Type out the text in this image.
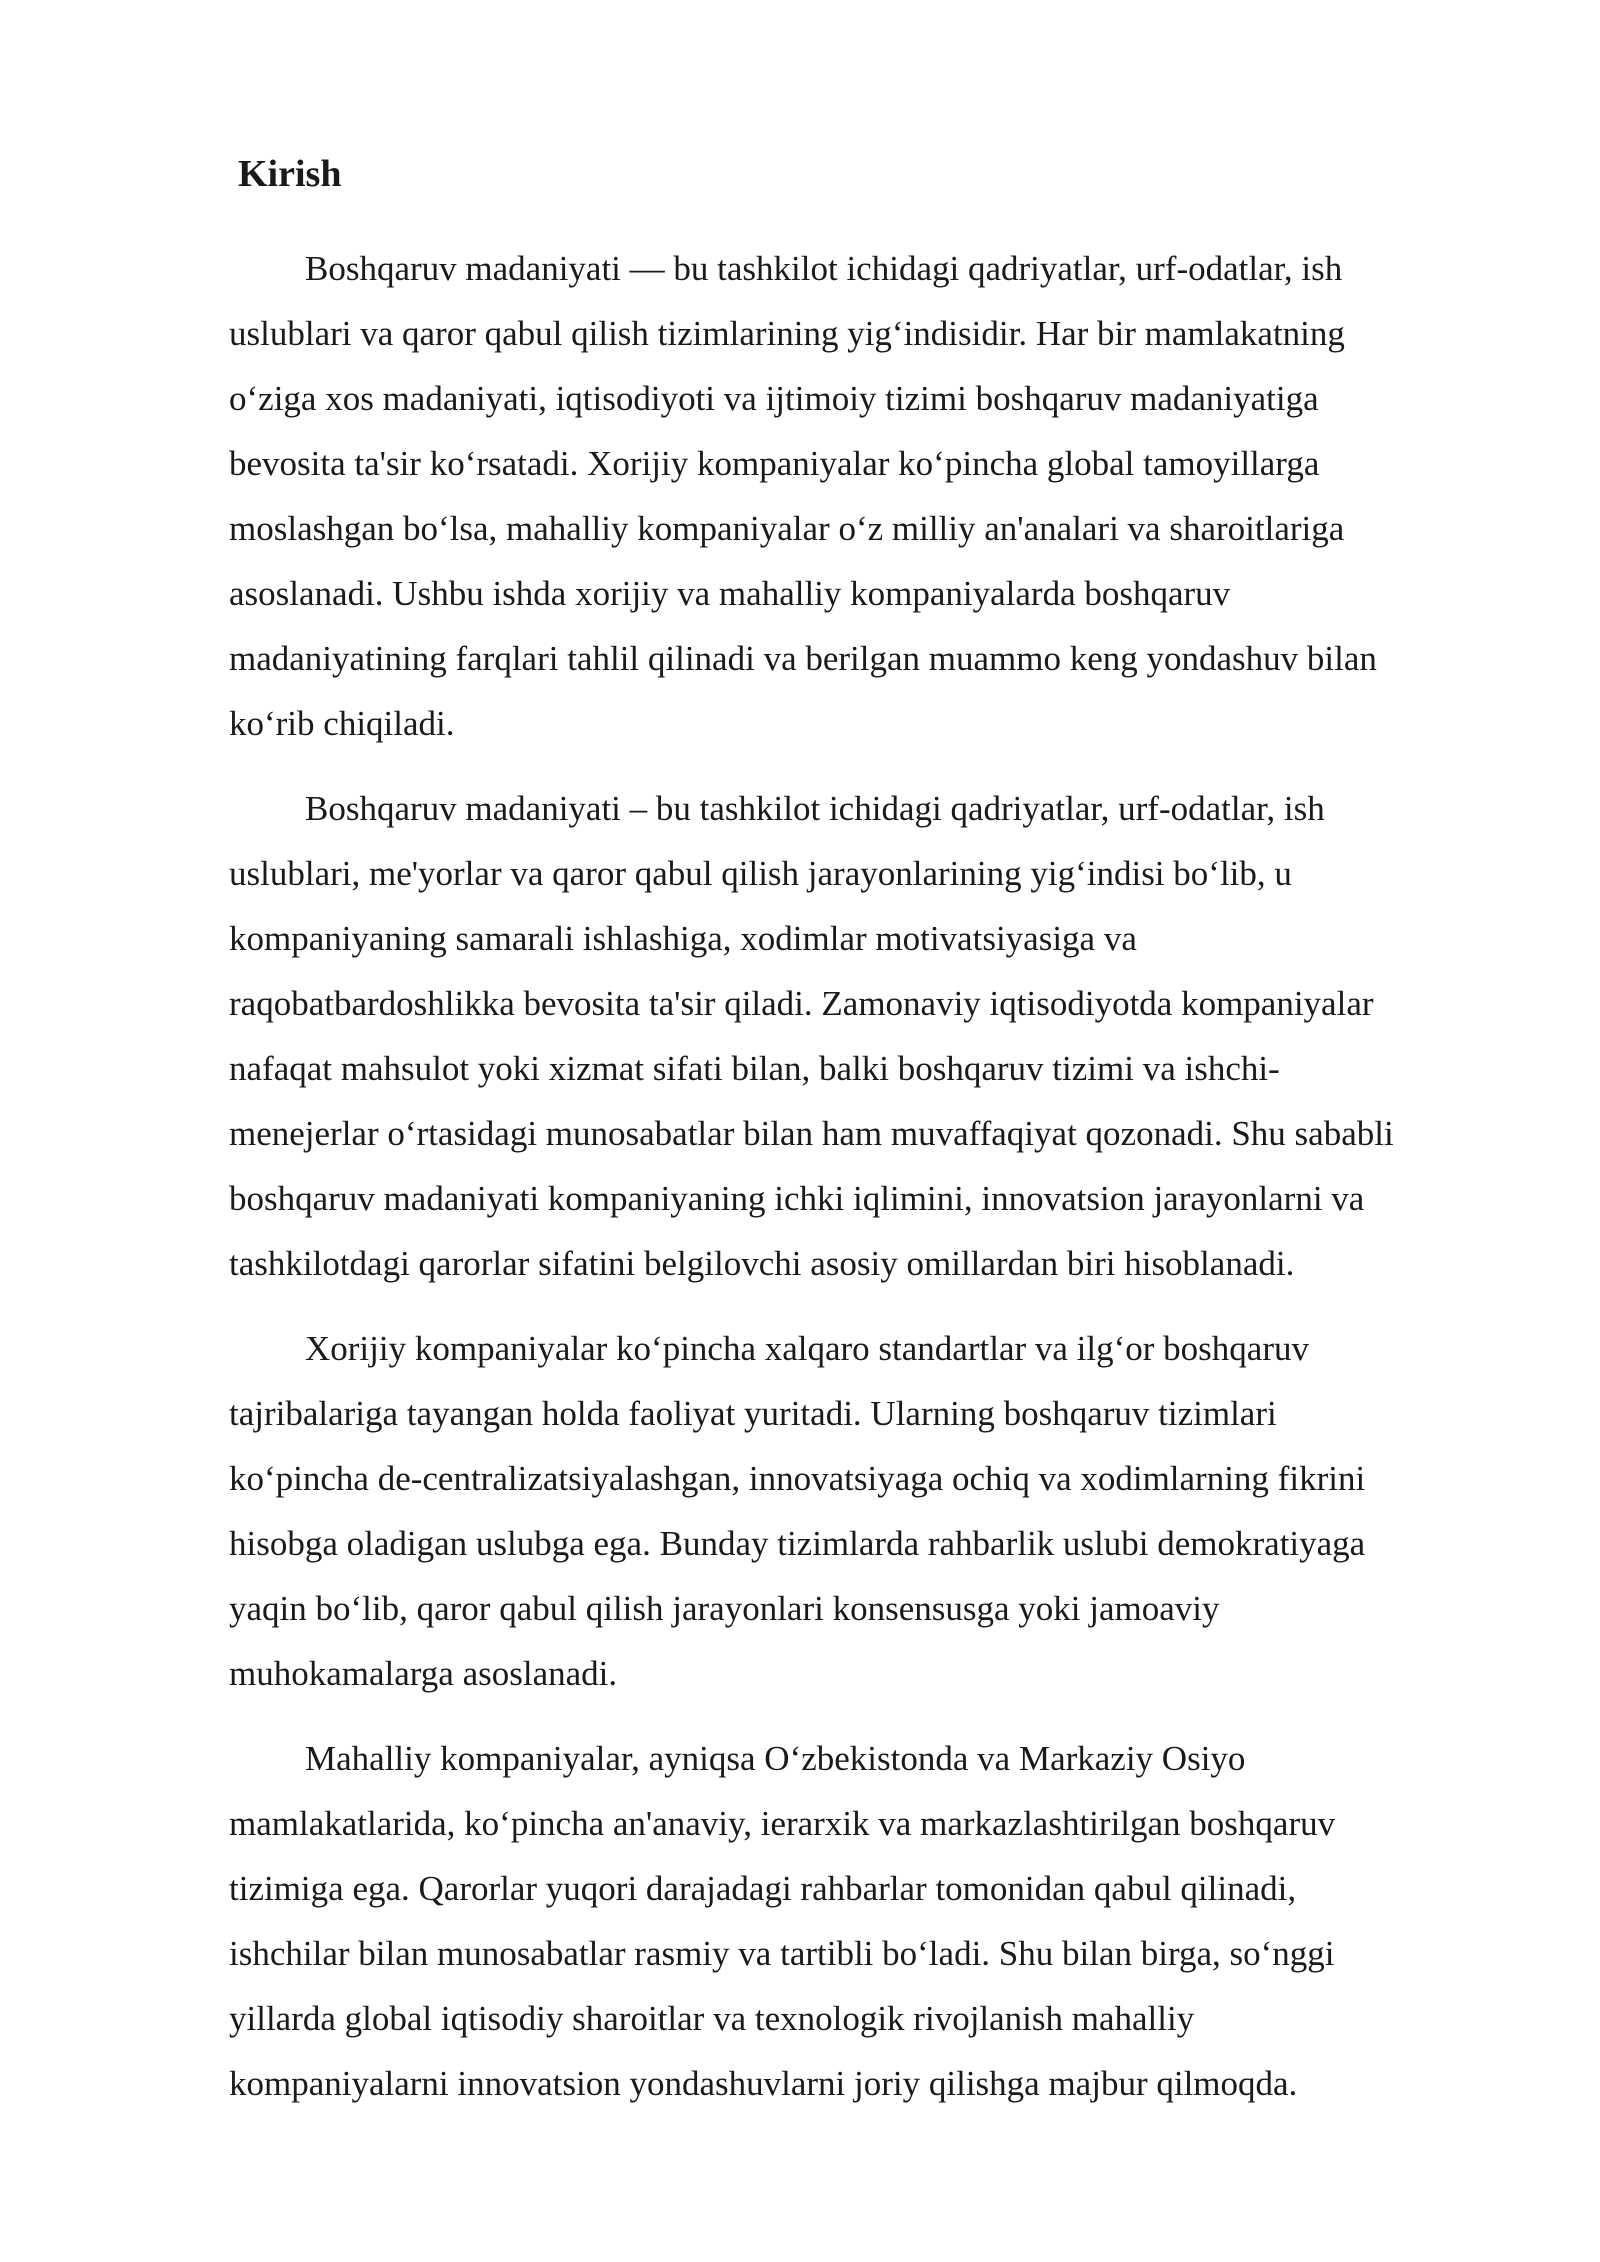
Kirish

Boshqaruv madaniyati — bu tashkilot ichidagi qadriyatlar, urf-odatlar, ish
uslublari va qaror qabul qilish tizimlarining yig‘indisidir. Har bir mamlakatning
o‘ziga xos madaniyati, iqtisodiyoti va ijtimoiy tizimi boshqaruv madaniyatiga
bevosita ta'sir ko‘rsatadi. Xorijiy kompaniyalar ko‘pincha global tamoyillarga
moslashgan bo‘lsa, mahalliy kompaniyalar o‘z milliy an'analari va sharoitlariga
asoslanadi. Ushbu ishda xorijiy va mahalliy kompaniyalarda boshqaruv
madaniyatining farqlari tahlil qilinadi va berilgan muammo keng yondashuv bilan
ko‘rib chiqiladi.

Boshqaruv madaniyati – bu tashkilot ichidagi qadriyatlar, urf-odatlar, ish
uslublari, me'yorlar va qaror qabul qilish jarayonlarining yig‘indisi bo‘lib, u
kompaniyaning samarali ishlashiga, xodimlar motivatsiyasiga va
raqobatbardoshlikka bevosita ta'sir qiladi. Zamonaviy iqtisodiyotda kompaniyalar
nafaqat mahsulot yoki xizmat sifati bilan, balki boshqaruv tizimi va ishchi-
menejerlar o‘rtasidagi munosabatlar bilan ham muvaffaqiyat qozonadi. Shu sababli
boshqaruv madaniyati kompaniyaning ichki iqlimini, innovatsion jarayonlarni va
tashkilotdagi qarorlar sifatini belgilovchi asosiy omillardan biri hisoblanadi.

Xorijiy kompaniyalar ko‘pincha xalqaro standartlar va ilg‘or boshqaruv
tajribalariga tayangan holda faoliyat yuritadi. Ularning boshqaruv tizimlari
ko‘pincha de-centralizatsiyalashgan, innovatsiyaga ochiq va xodimlarning fikrini
hisobga oladigan uslubga ega. Bunday tizimlarda rahbarlik uslubi demokratiyaga
yaqin bo‘lib, qaror qabul qilish jarayonlari konsensusga yoki jamoaviy
muhokamalarga asoslanadi.

Mahalliy kompaniyalar, ayniqsa O‘zbekistonda va Markaziy Osiyo
mamlakatlarida, ko‘pincha an'anaviy, ierarxik va markazlashtirilgan boshqaruv
tizimiga ega. Qarorlar yuqori darajadagi rahbarlar tomonidan qabul qilinadi,
ishchilar bilan munosabatlar rasmiy va tartibli bo‘ladi. Shu bilan birga, so‘nggi
yillarda global iqtisodiy sharoitlar va texnologik rivojlanish mahalliy
kompaniyalarni innovatsion yondashuvlarni joriy qilishga majbur qilmoqda.
